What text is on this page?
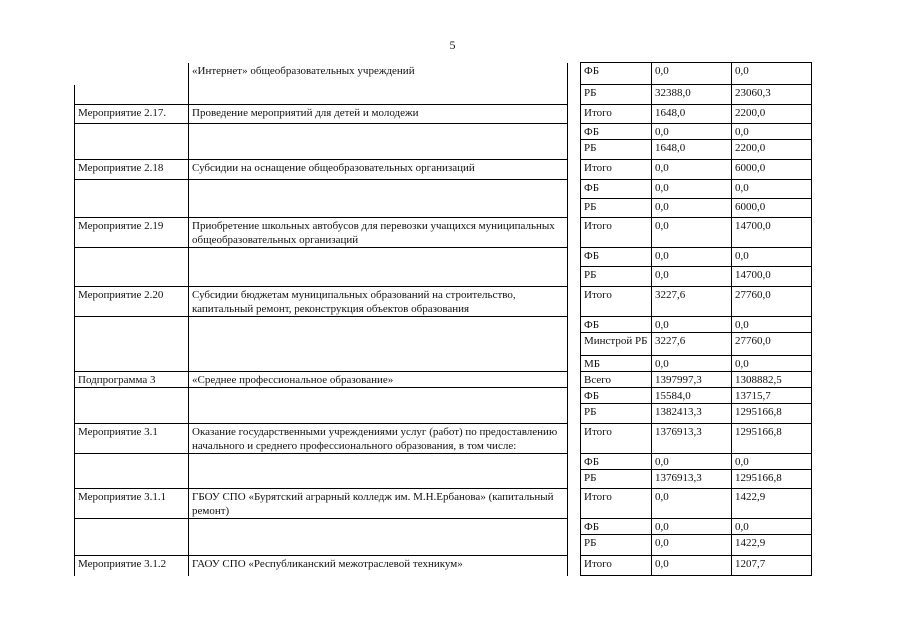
5
	«Интернет» общеобразовательных учреждений		ФБ	0,0	0,0
			РБ	32388,0	23060,3
Мероприятие 2.17.	Проведение мероприятий для детей и молодежи		Итого	1648,0	2200,0
			ФБ	0,0	0,0
			РБ	1648,0	2200,0
Мероприятие 2.18	Субсидии на оснащение общеобразовательных организаций		Итого	0,0	6000,0
			ФБ	0,0	0,0
			РБ	0,0	6000,0
Мероприятие 2.19	Приобретение школьных автобусов для перевозки учащихся муниципальных общеобразовательных организаций		Итого	0,0	14700,0
			ФБ	0,0	0,0
			РБ	0,0	14700,0
Мероприятие 2.20	Субсидии бюджетам муниципальных образований на строительство, капитальный ремонт, реконструкция объектов образования		Итого	3227,6	27760,0
			ФБ	0,0	0,0
			Минстрой РБ	3227,6	27760,0
			МБ	0,0	0,0
Подпрограмма 3	«Среднее профессиональное образование»		Всего	1397997,3	1308882,5
			ФБ	15584,0	13715,7
			РБ	1382413,3	1295166,8
Мероприятие 3.1	Оказание государственными учреждениями услуг (работ) по предоставлению начального и среднего профессионального образования, в том числе:		Итого	1376913,3	1295166,8
			ФБ	0,0	0,0
			РБ	1376913,3	1295166,8
Мероприятие 3.1.1	ГБОУ СПО «Бурятский аграрный колледж им. М.Н.Ербанова» (капитальный ремонт)		Итого	0,0	1422,9
			ФБ	0,0	0,0
			РБ	0,0	1422,9
Мероприятие 3.1.2	ГАОУ СПО «Республиканский межотраслевой техникум»		Итого	0,0	1207,7
